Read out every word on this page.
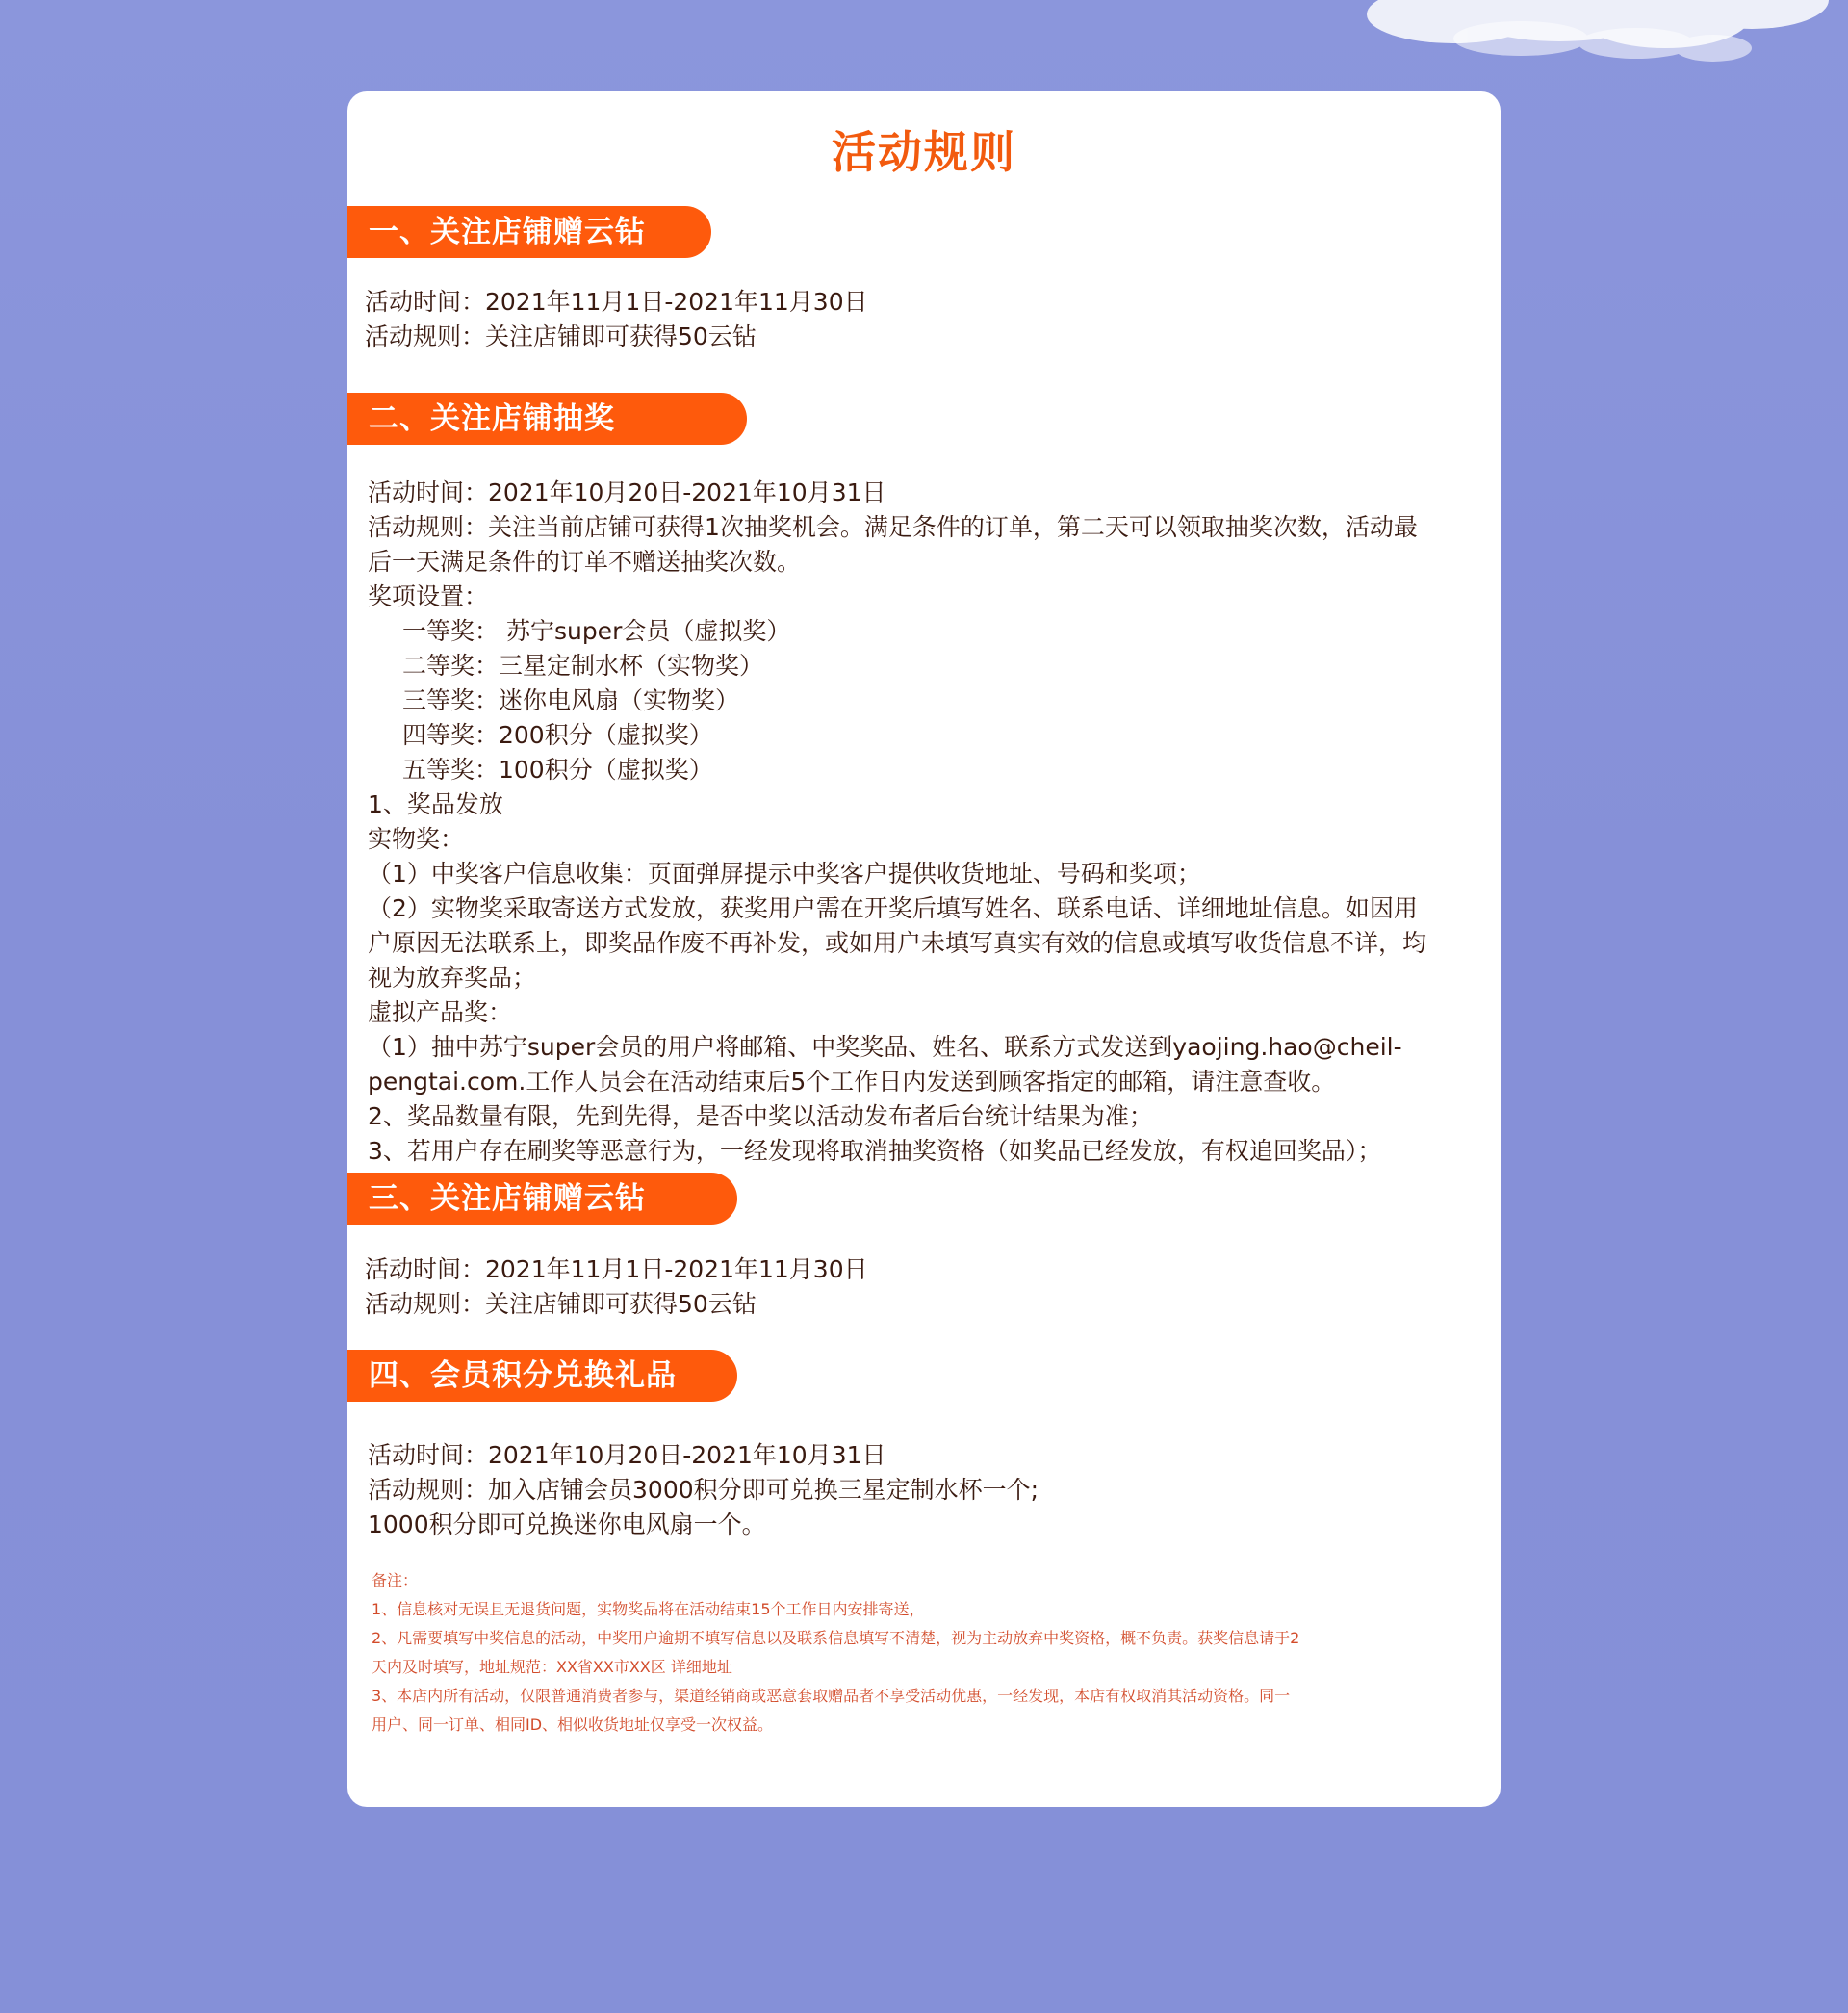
活动规则
一、关注店铺赠云钻

活动时间：2021年11月1日-2021年11月30日

活动规则：关注店铺即可获得50云钻

二、关注店铺抽奖

活动时间：2021年10月20日-2021年10月31日

活动规则：关注当前店铺可获得1次抽奖机会。满足条件的订单，第二天可以领取抽奖次数，活动最

后一天满足条件的订单不赠送抽奖次数。

奖项设置：

一等奖： 苏宁super会员（虚拟奖）

二等奖：三星定制水杯（实物奖）

三等奖：迷你电风扇（实物奖）

四等奖：200积分（虚拟奖）

五等奖：100积分（虚拟奖）

1、奖品发放

实物奖：

（1）中奖客户信息收集：页面弹屏提示中奖客户提供收货地址、号码和奖项；

（2）实物奖采取寄送方式发放，获奖用户需在开奖后填写姓名、联系电话、详细地址信息。如因用

户原因无法联系上，即奖品作废不再补发，或如用户未填写真实有效的信息或填写收货信息不详，均

视为放弃奖品；

虚拟产品奖：

（1）抽中苏宁super会员的用户将邮箱、中奖奖品、姓名、联系方式发送到yaojing.hao@cheil-

pengtai.com.工作人员会在活动结束后5个工作日内发送到顾客指定的邮箱，请注意查收。

2、奖品数量有限，先到先得，是否中奖以活动发布者后台统计结果为准；

3、若用户存在刷奖等恶意行为，一经发现将取消抽奖资格（如奖品已经发放，有权追回奖品）；

三、关注店铺赠云钻

活动时间：2021年11月1日-2021年11月30日

活动规则：关注店铺即可获得50云钻

四、会员积分兑换礼品

活动时间：2021年10月20日-2021年10月31日

活动规则：加入店铺会员3000积分即可兑换三星定制水杯一个;

1000积分即可兑换迷你电风扇一个。

备注：

1、信息核对无误且无退货问题，实物奖品将在活动结束15个工作日内安排寄送，

2、凡需要填写中奖信息的活动，中奖用户逾期不填写信息以及联系信息填写不清楚，视为主动放弃中奖资格，概不负责。获奖信息请于2

天内及时填写，地址规范：XX省XX市XX区 详细地址

3、本店内所有活动，仅限普通消费者参与，渠道经销商或恶意套取赠品者不享受活动优惠，一经发现，本店有权取消其活动资格。同一

用户、同一订单、相同ID、相似收货地址仅享受一次权益。
